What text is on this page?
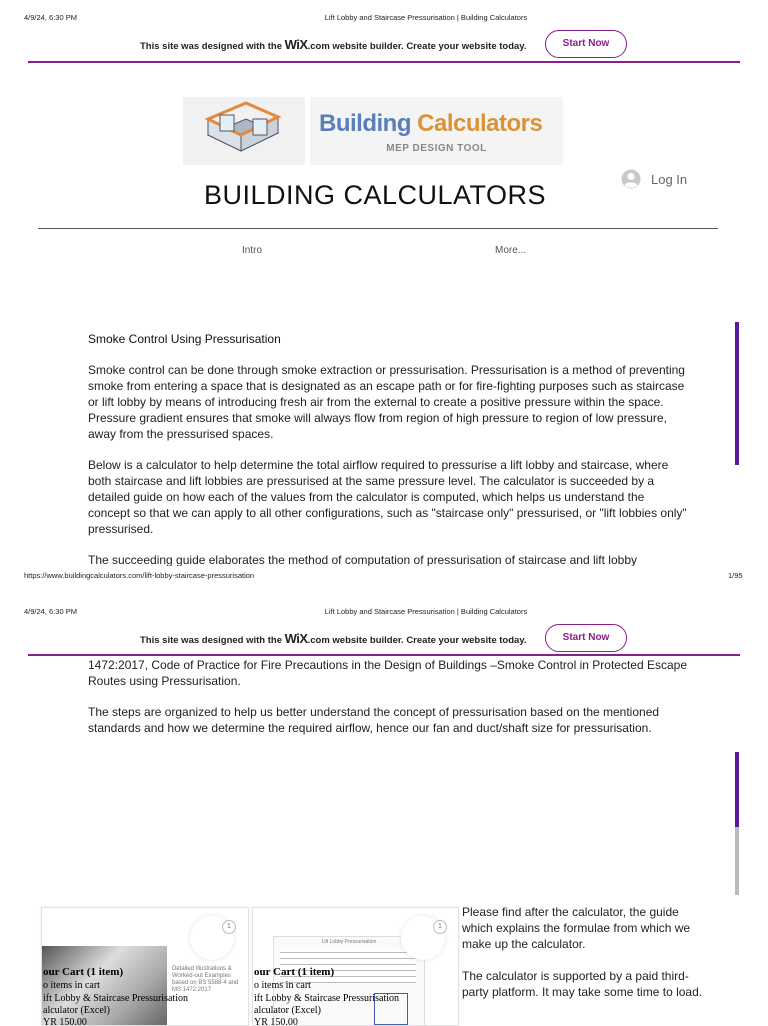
4/9/24, 6:30 PM	Lift Lobby and Staircase Pressurisation | Building Calculators
This site was designed with the WiX.com website builder. Create your website today.	Start Now
Building Calculators
MEP DESIGN TOOL
BUILDING CALCULATORS
Log In
Intro	More...
Smoke Control Using Pressurisation
Smoke control can be done through smoke extraction or pressurisation. Pressurisation is a method of preventing smoke from entering a space that is designated as an escape path or for fire-fighting purposes such as staircase or lift lobby by means of introducing fresh air from the external to create a positive pressure within the space. Pressure gradient ensures that smoke will always flow from region of high pressure to region of low pressure, away from the pressurised spaces.
Below is a calculator to help determine the total airflow required to pressurise a lift lobby and staircase, where both staircase and lift lobbies are pressurised at the same pressure level. The calculator is succeeded by a detailed guide on how each of the values from the calculator is computed, which helps us understand the concept so that we can apply to all other configurations, such as "staircase only" pressurised, or "lift lobbies only" pressurised.
The succeeding guide elaborates the method of computation of pressurisation of staircase and lift lobby
https://www.buildingcalculators.com/lift-lobby-staircase-pressurisation	1/95
4/9/24, 6:30 PM	Lift Lobby and Staircase Pressurisation | Building Calculators
This site was designed with the WiX.com website builder. Create your website today.	Start Now
1472:2017, Code of Practice for Fire Precautions in the Design of Buildings –Smoke Control in Protected Escape Routes using Pressurisation.
The steps are organized to help us better understand the concept of pressurisation based on the mentioned standards and how we determine the required airflow, hence our fan and duct/shaft size for pressurisation.
Detailed Illustrations & Worked-out Examples based on BS 5588-4 and MS 1472:2017
1
our Cart (1 item)
o items in cart
ift Lobby & Staircase Pressurisation
alculator (Excel)
YR 150.00
Lift Lobby Pressurisation
1
our Cart (1 item)
o items in cart
ift Lobby & Staircase Pressurisation
alculator (Excel)
YR 150.00
Please find after the calculator, the guide which explains the formulae from which we make up the calculator.
The calculator is supported by a paid third-party platform. It may take some time to load.
